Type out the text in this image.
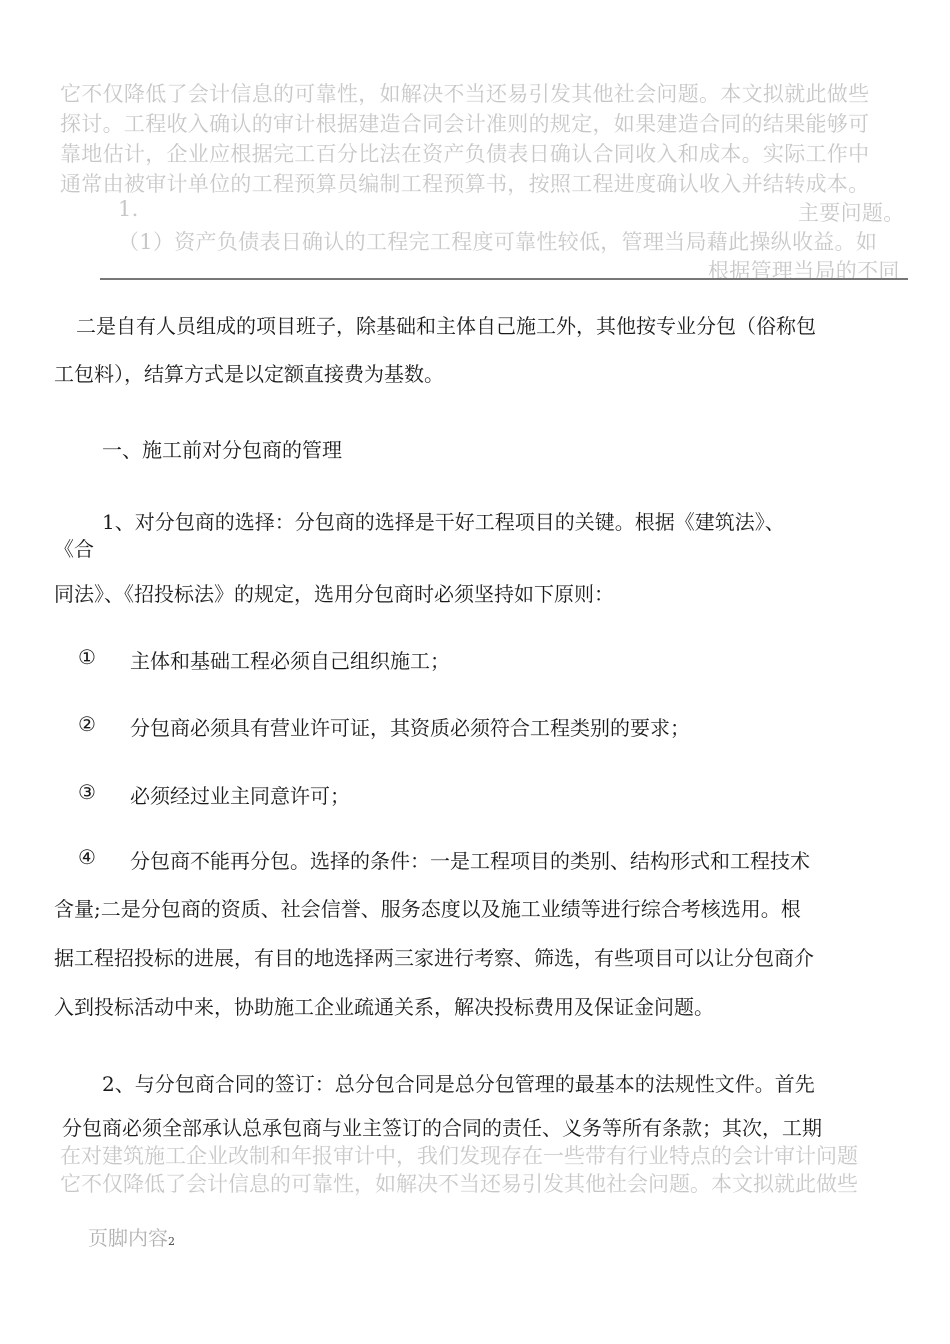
它不仅降低了会计信息的可靠性，如解决不当还易引发其他社会问题。本文拟就此做些
探讨。工程收入确认的审计根据建造合同会计准则的规定，如果建造合同的结果能够可
靠地估计，企业应根据完工百分比法在资产负债表日确认合同收入和成本。实际工作中
通常由被审计单位的工程预算员编制工程预算书，按照工程进度确认收入并结转成本。
1.	主要问题。
（1）资产负债表日确认的工程完工程度可靠性较低，管理当局藉此操纵收益。如
根据管理当局的不同
二是自有人员组成的项目班子，除基础和主体自己施工外，其他按专业分包（俗称包
工包料），结算方式是以定额直接费为基数。
一、施工前对分包商的管理
1、对分包商的选择：分包商的选择是干好工程项目的关键。根据《建筑法》、
《合
同法》、《招投标法》的规定，选用分包商时必须坚持如下原则：
① 主体和基础工程必须自己组织施工；
② 分包商必须具有营业许可证，其资质必须符合工程类别的要求；
③ 必须经过业主同意许可；
④ 分包商不能再分包。选择的条件：一是工程项目的类别、结构形式和工程技术
含量;二是分包商的资质、社会信誉、服务态度以及施工业绩等进行综合考核选用。根
据工程招投标的进展，有目的地选择两三家进行考察、筛选，有些项目可以让分包商介
入到投标活动中来，协助施工企业疏通关系，解决投标费用及保证金问题。
2、与分包商合同的签订：总分包合同是总分包管理的最基本的法规性文件。首先
分包商必须全部承认总承包商与业主签订的合同的责任、义务等所有条款；其次，工期
在对建筑施工企业改制和年报审计中，我们发现存在一些带有行业特点的会计审计问题
它不仅降低了会计信息的可靠性，如解决不当还易引发其他社会问题。本文拟就此做些
页脚内容2
